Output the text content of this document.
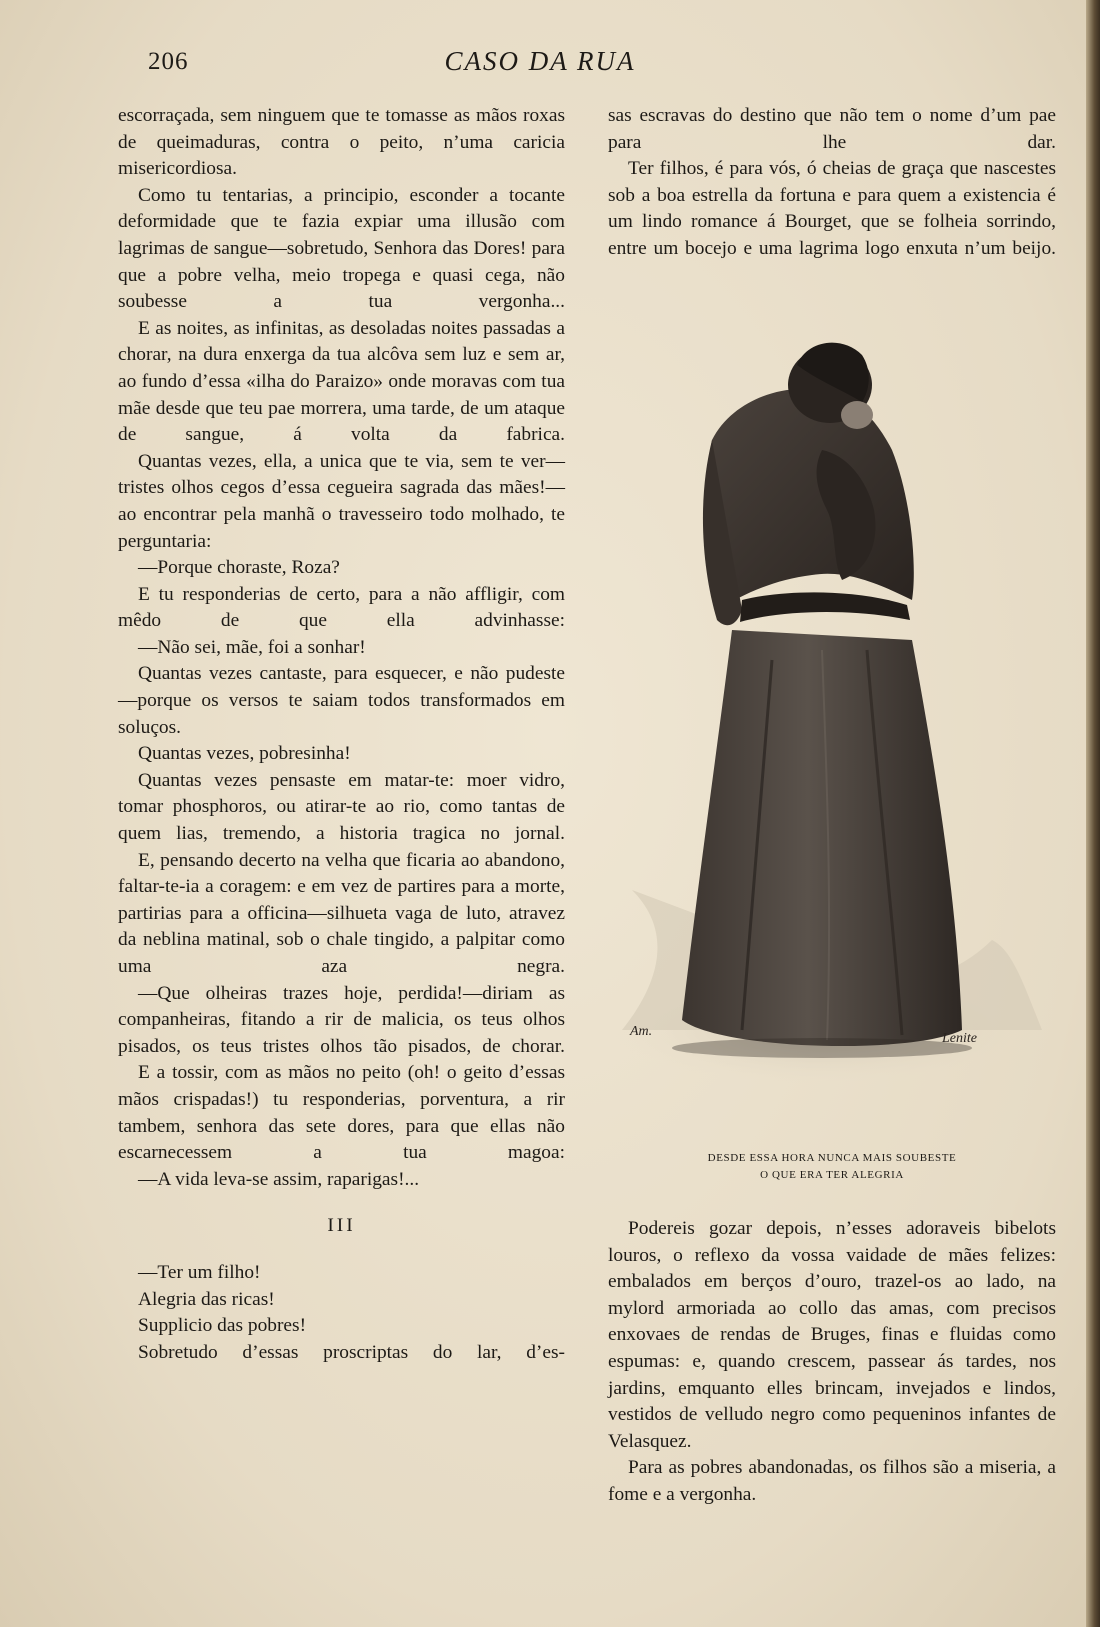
206	CASO DA RUA

escorraçada, sem ninguem que te tomasse as mãos roxas de queimaduras, contra o peito, n’uma caricia misericordiosa.

Como tu tentarias, a principio, esconder a tocante deformidade que te fazia expiar uma illusão com lagrimas de sangue—sobretudo, Senhora das Dores! para que a pobre velha, meio tropega e quasi cega, não soubesse a tua vergonha...

E as noites, as infinitas, as desoladas noites passadas a chorar, na dura enxerga da tua alcôva sem luz e sem ar, ao fundo d’essa «ilha do Paraizo» onde moravas com tua mãe desde que teu pae morrera, uma tarde, de um ataque de sangue, á volta da fabrica.

Quantas vezes, ella, a unica que te via, sem te ver—tristes olhos cegos d’essa cegueira sagrada das mães!—ao encontrar pela manhã o travesseiro todo molhado, te perguntaria:

—Porque choraste, Roza?

E tu responderias de certo, para a não affligir, com mêdo de que ella advinhasse:

—Não sei, mãe, foi a sonhar!

Quantas vezes cantaste, para esquecer, e não pudeste—porque os versos te saiam todos transformados em soluços.

Quantas vezes, pobresinha!

Quantas vezes pensaste em matar-te: moer vidro, tomar phosphoros, ou atirar-te ao rio, como tantas de quem lias, tremendo, a historia tragica no jornal.

E, pensando decerto na velha que ficaria ao abandono, faltar-te-ia a coragem: e em vez de partires para a morte, partirias para a officina—silhueta vaga de luto, atravez da neblina matinal, sob o chale tingido, a palpitar como uma aza negra.

—Que olheiras trazes hoje, perdida!—diriam as companheiras, fitando a rir de malicia, os teus olhos pisados, os teus tristes olhos tão pisados, de chorar.

E a tossir, com as mãos no peito (oh! o geito d’essas mãos crispadas!) tu responderias, porventura, a rir tambem, senhora das sete dores, para que ellas não escarnecessem a tua magoa:

—A vida leva-se assim, raparigas!...

III

—Ter um filho!

Alegria das ricas!

Supplicio das pobres!

Sobretudo d’essas proscriptas do lar, d’es-

sas escravas do destino que não tem o nome d’um pae para lhe dar.

Ter filhos, é para vós, ó cheias de graça que nascestes sob a boa estrella da fortuna e para quem a existencia é um lindo romance á Bourget, que se folheia sorrindo, entre um bocejo e uma lagrima logo enxuta n’um beijo.

Am.	Lenite
DESDE ESSA HORA NUNCA MAIS SOUBESTE
O QUE ERA TER ALEGRIA

Podereis gozar depois, n’esses adoraveis bibelots louros, o reflexo da vossa vaidade de mães felizes: embalados em berços d’ouro, trazel-os ao lado, na mylord armoriada ao collo das amas, com precisos enxovaes de rendas de Bruges, finas e fluidas como espumas: e, quando crescem, passear ás tardes, nos jardins, emquanto elles brincam, invejados e lindos, vestidos de velludo negro como pequeninos infantes de Velasquez.

Para as pobres abandonadas, os filhos são a miseria, a fome e a vergonha.
